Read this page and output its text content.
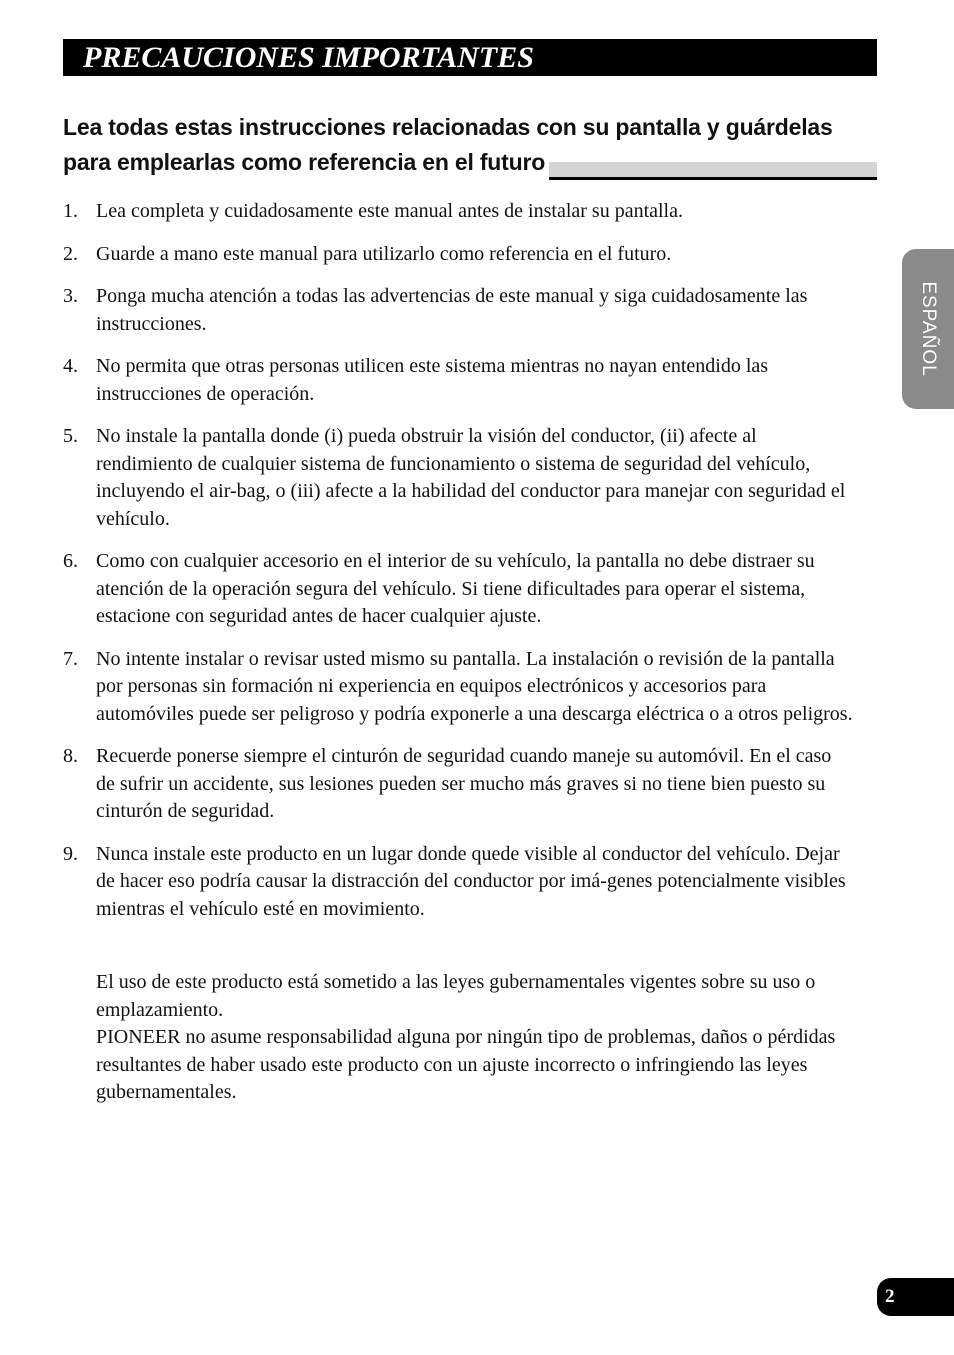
PRECAUCIONES IMPORTANTES
Lea todas estas instrucciones relacionadas con su pantalla y guárdelas
para emplearlas como referencia en el futuro
ESPAÑOL
1. Lea completa y cuidadosamente este manual antes de instalar su pantalla.
2. Guarde a mano este manual para utilizarlo como referencia en el futuro.
3. Ponga mucha atención a todas las advertencias de este manual y siga cuidadosamente las instrucciones.
4. No permita que otras personas utilicen este sistema mientras no nayan entendido las instrucciones de operación.
5. No instale la pantalla donde (i) pueda obstruir la visión del conductor, (ii) afecte al rendimiento de cualquier sistema de funcionamiento o sistema de seguridad del vehículo, incluyendo el air-bag, o (iii) afecte a la habilidad del conductor para manejar con seguridad el vehículo.
6. Como con cualquier accesorio en el interior de su vehículo, la pantalla no debe distraer su atención de la operación segura del vehículo. Si tiene dificultades para operar el sistema, estacione con seguridad antes de hacer cualquier ajuste.
7. No intente instalar o revisar usted mismo su pantalla. La instalación o revisión de la pantalla por personas sin formación ni experiencia en equipos electrónicos y accesorios para automóviles puede ser peligroso y podría exponerle a una descarga eléctrica o a otros peligros.
8. Recuerde ponerse siempre el cinturón de seguridad cuando maneje su automóvil. En el caso de sufrir un accidente, sus lesiones pueden ser mucho más graves si no tiene bien puesto su cinturón de seguridad.
9. Nunca instale este producto en un lugar donde quede visible al conductor del vehículo. Dejar de hacer eso podría causar la distracción del conductor por imá-genes potencialmente visibles mientras el vehículo esté en movimiento.

El uso de este producto está sometido a las leyes gubernamentales vigentes sobre su uso o emplazamiento.

PIONEER no asume responsabilidad alguna por ningún tipo de problemas, daños o pérdidas resultantes de haber usado este producto con un ajuste incorrecto o infringiendo las leyes gubernamentales.

2
